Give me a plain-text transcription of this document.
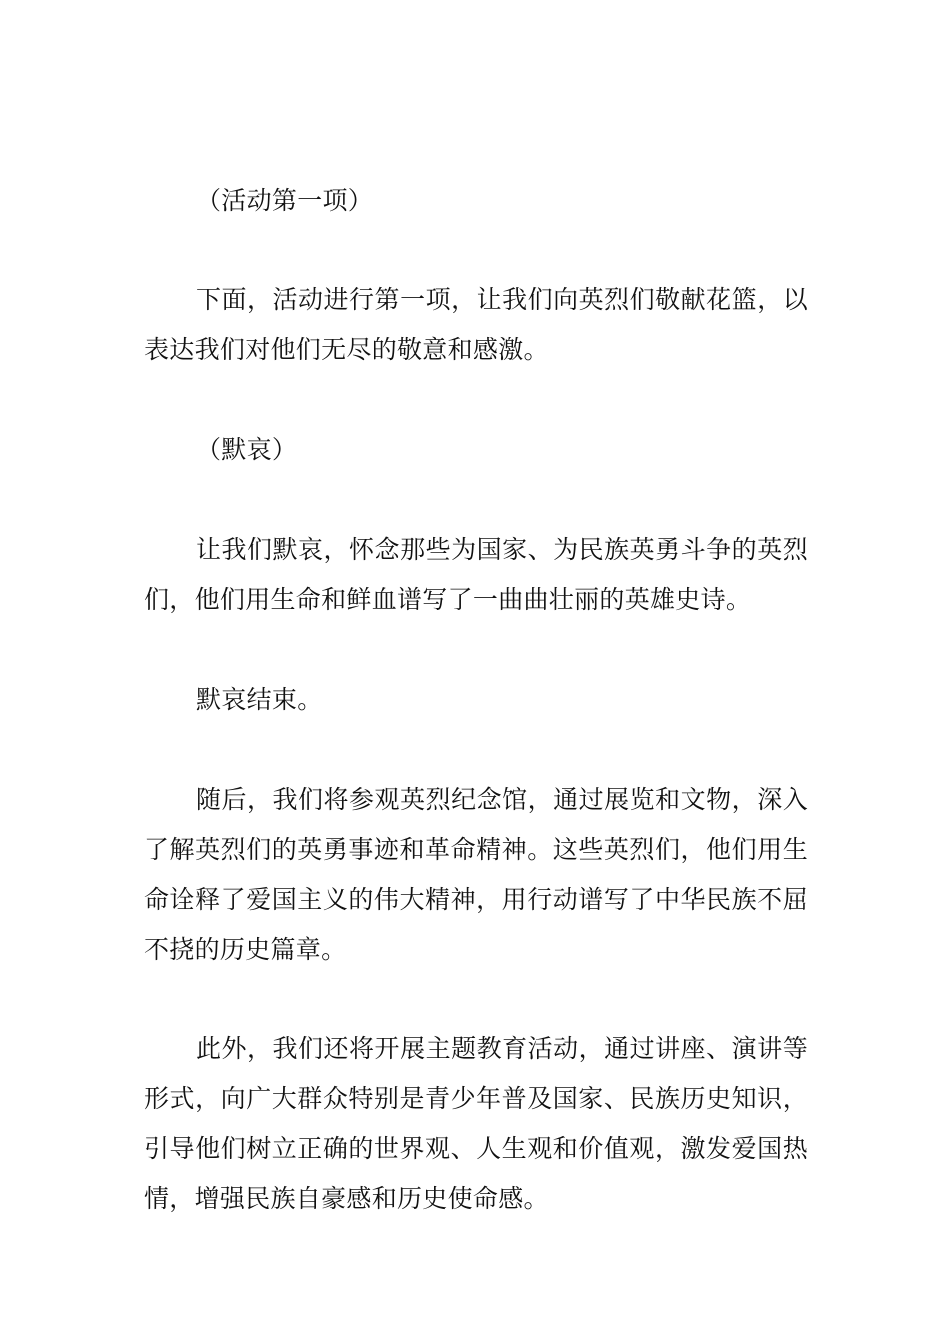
（活动第一项）

下面，活动进行第一项，让我们向英烈们敬献花篮，以表达我们对他们无尽的敬意和感激。

（默哀）

让我们默哀，怀念那些为国家、为民族英勇斗争的英烈们，他们用生命和鲜血谱写了一曲曲壮丽的英雄史诗。

默哀结束。

随后，我们将参观英烈纪念馆，通过展览和文物，深入了解英烈们的英勇事迹和革命精神。这些英烈们，他们用生命诠释了爱国主义的伟大精神，用行动谱写了中华民族不屈不挠的历史篇章。

此外，我们还将开展主题教育活动，通过讲座、演讲等形式，向广大群众特别是青少年普及国家、民族历史知识，引导他们树立正确的世界观、人生观和价值观，激发爱国热情，增强民族自豪感和历史使命感。
